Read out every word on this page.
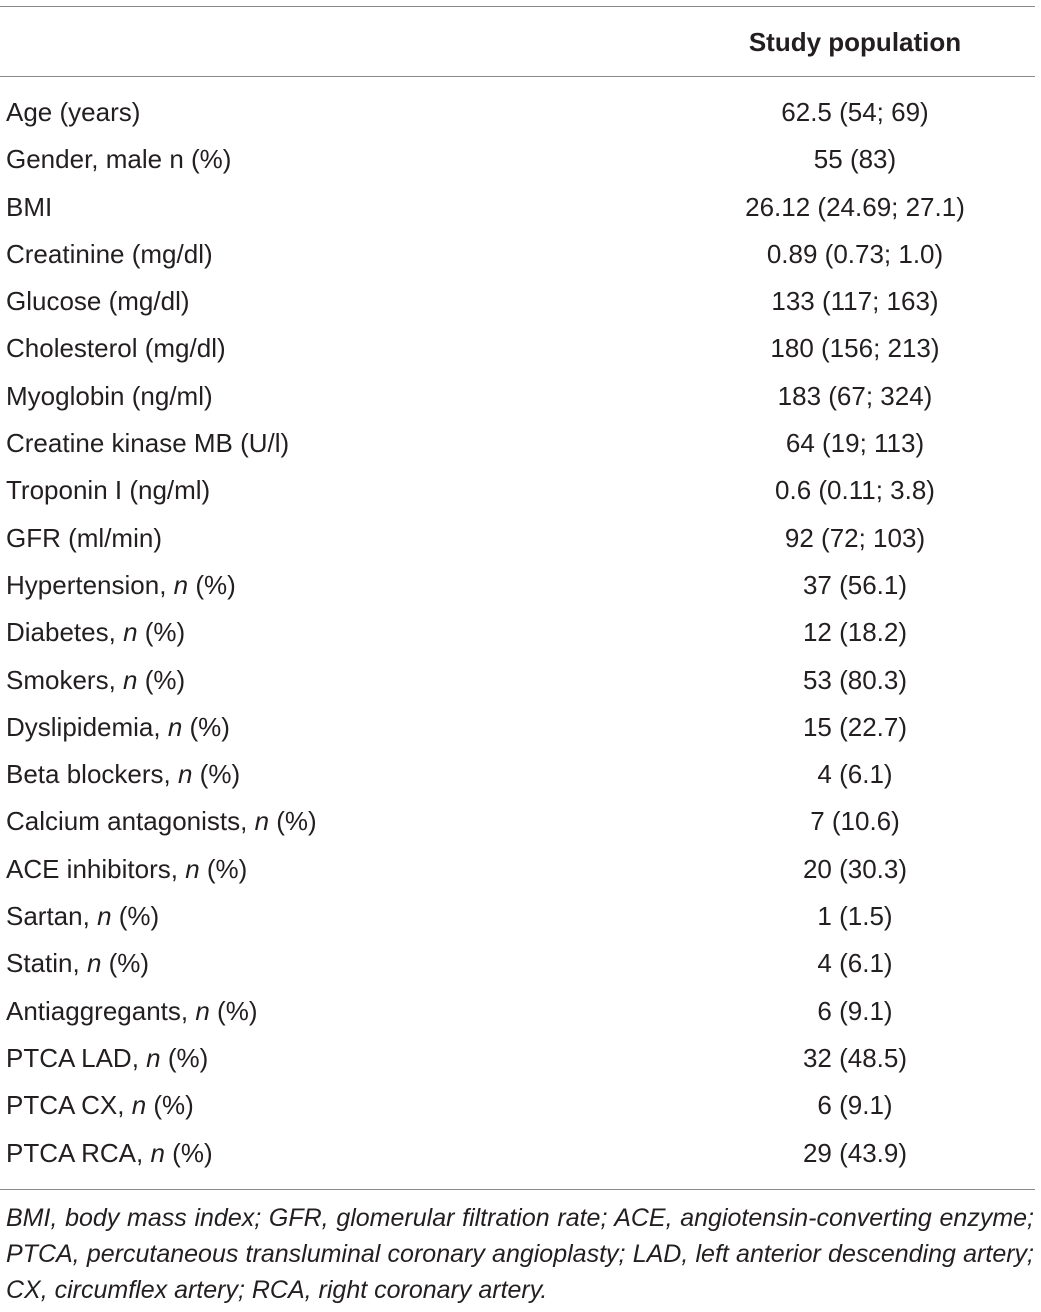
Study population
Age (years)	62.5 (54; 69)
Gender, male n (%)	55 (83)
BMI	26.12 (24.69; 27.1)
Creatinine (mg/dl)	0.89 (0.73; 1.0)
Glucose (mg/dl)	133 (117; 163)
Cholesterol (mg/dl)	180 (156; 213)
Myoglobin (ng/ml)	183 (67; 324)
Creatine kinase MB (U/l)	64 (19; 113)
Troponin I (ng/ml)	0.6 (0.11; 3.8)
GFR (ml/min)	92 (72; 103)
Hypertension, n (%)	37 (56.1)
Diabetes, n (%)	12 (18.2)
Smokers, n (%)	53 (80.3)
Dyslipidemia, n (%)	15 (22.7)
Beta blockers, n (%)	4 (6.1)
Calcium antagonists, n (%)	7 (10.6)
ACE inhibitors, n (%)	20 (30.3)
Sartan, n (%)	1 (1.5)
Statin, n (%)	4 (6.1)
Antiaggregants, n (%)	6 (9.1)
PTCA LAD, n (%)	32 (48.5)
PTCA CX, n (%)	6 (9.1)
PTCA RCA, n (%)	29 (43.9)
BMI, body mass index; GFR, glomerular filtration rate; ACE, angiotensin-converting enzyme; PTCA, percutaneous transluminal coronary angioplasty; LAD, left anterior descending artery; CX, circumflex artery; RCA, right coronary artery.
